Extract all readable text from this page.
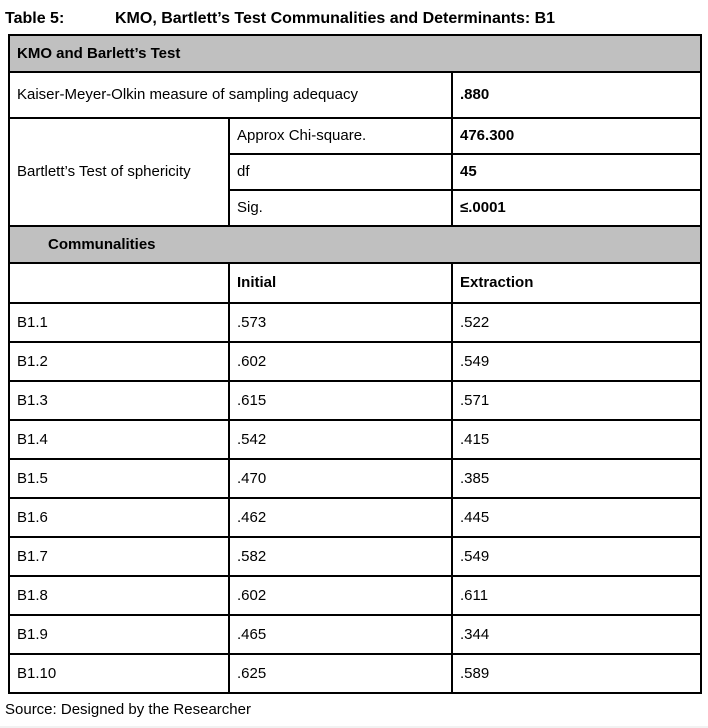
Table 5:	KMO, Bartlett’s Test Communalities and Determinants: B1
KMO and Barlett’s Test		
Kaiser-Meyer-Olkin measure of sampling adequacy		.880
Bartlett’s Test of sphericity	Approx Chi-square.	476.300
	df	45
	Sig.	≤.0001
Communalities		
	Initial	Extraction
B1.1	.573	.522
B1.2	.602	.549
B1.3	.615	.571
B1.4	.542	.415
B1.5	.470	.385
B1.6	.462	.445
B1.7	.582	.549
B1.8	.602	.611
B1.9	.465	.344
B1.10	.625	.589
Source: Designed by the Researcher
